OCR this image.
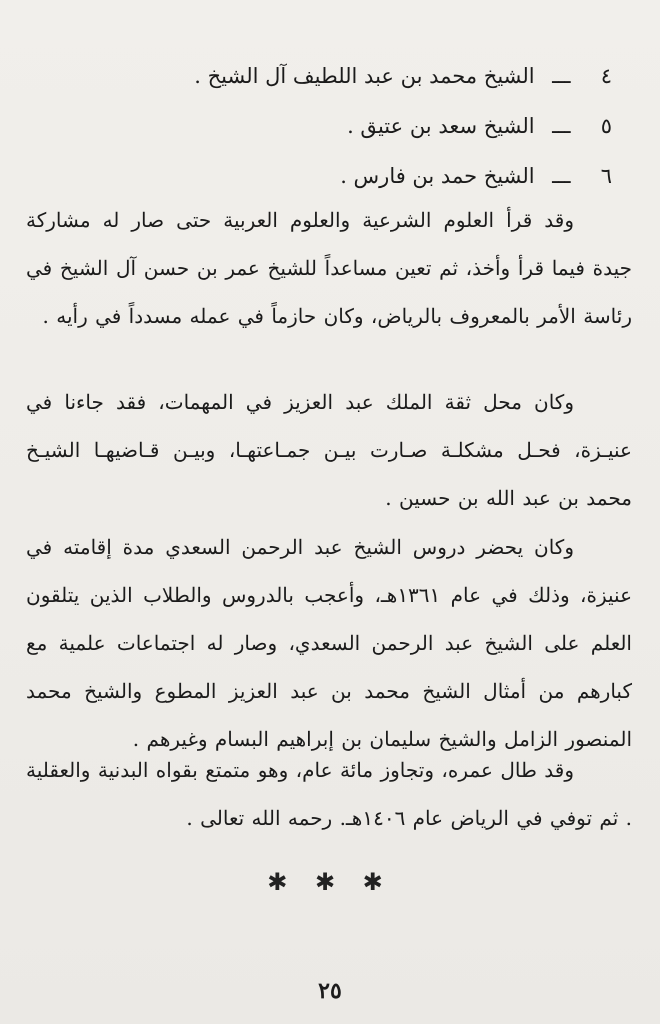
٤ ـــ الشيخ محمد بن عبد اللطيف آل الشيخ .
٥ ـــ الشيخ سعد بن عتيق .
٦ ـــ الشيخ حمد بن فارس .

وقد قرأ العلوم الشرعية والعلوم العربية حتى صار له مشاركة جيدة فيما قرأ وأخذ، ثم تعين مساعداً للشيخ عمر بن حسن آل الشيخ في رئاسة الأمر بالمعروف بالرياض، وكان حازماً في عمله مسدداً في رأيه .

وكان محل ثقة الملك عبد العزيز في المهمات، فقد جاءنا في عنيـزة، فحـل مشكلـة صـارت بيـن جمـاعتهـا، وبيـن قـاضيهـا الشيـخ محمد بن عبد الله بن حسين .

وكان يحضر دروس الشيخ عبد الرحمن السعدي مدة إقامته في عنيزة، وذلك في عام ١٣٦١هـ، وأعجب بالدروس والطلاب الذين يتلقون العلم على الشيخ عبد الرحمن السعدي، وصار له اجتماعات علمية مع كبارهم من أمثال الشيخ محمد بن عبد العزيز المطوع والشيخ محمد المنصور الزامل والشيخ سليمان بن إبراهيم البسام وغيرهم .

وقد طال عمره، وتجاوز مائة عام، وهو متمتع بقواه البدنية والعقلية . ثم توفي في الرياض عام ١٤٠٦هـ. رحمه الله تعالى .

✱ ✱ ✱
٢٥
